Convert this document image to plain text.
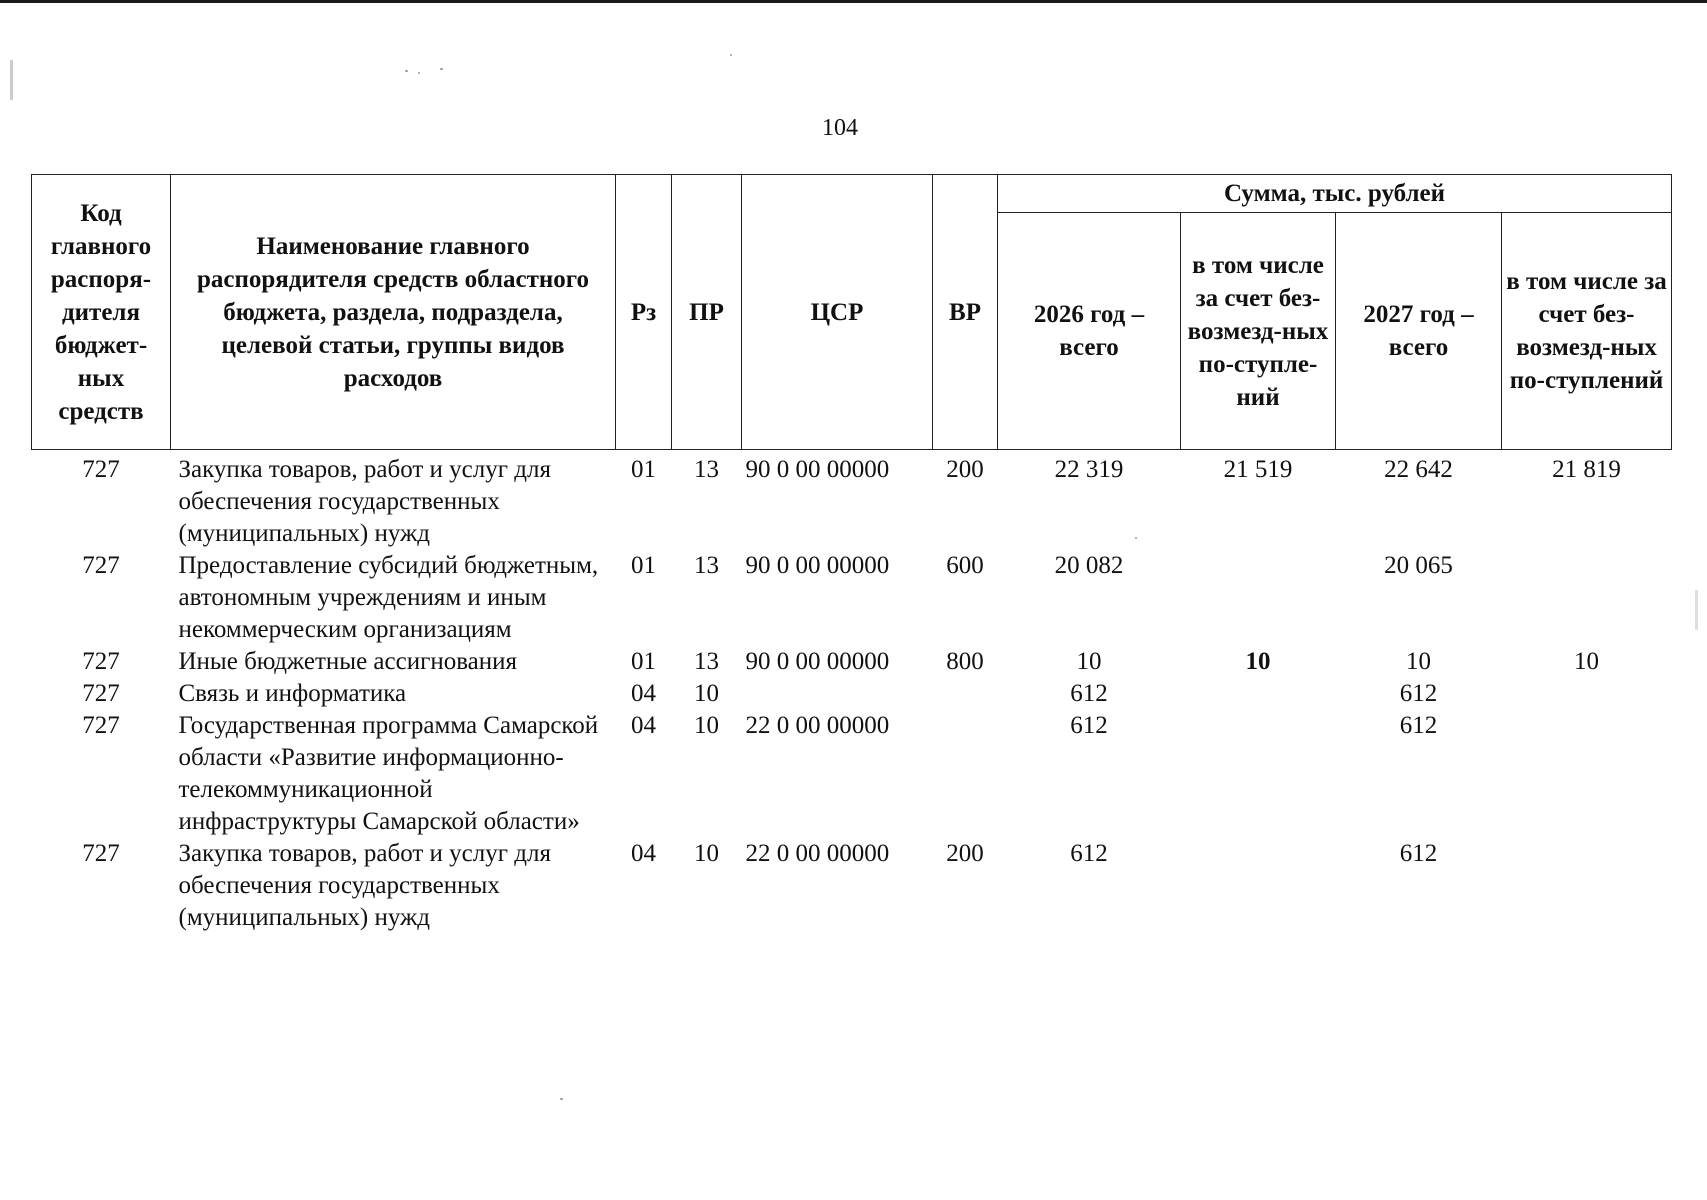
104
Код главного распоря-дителя бюджет-ных средств	Наименование главного распорядителя средств областного бюджета, раздела, подраздела, целевой статьи, группы видов расходов	Рз	ПР	ЦСР	ВР	Сумма, тыс. рублей			
						2026 год – всего	в том числе за счет без-возмезд-ных по-ступле-ний	2027 год – всего	в том числе за счет без-возмезд-ных по-ступлений
727	Закупка товаров, работ и услуг для обеспечения государственных (муниципальных) нужд	01	13	90 0 00 00000	200	22 319	21 519	22 642	21 819
727	Предоставление субсидий бюджетным, автономным учреждениям и иным некоммерческим организациям	01	13	90 0 00 00000	600	20 082		20 065	
727	Иные бюджетные ассигнования	01	13	90 0 00 00000	800	10	10	10	10
727	Связь и информатика	04	10			612		612	
727	Государственная программа Самарской области «Развитие информационно-телекоммуникационной инфраструктуры Самарской области»	04	10	22 0 00 00000		612		612	
727	Закупка товаров, работ и услуг для обеспечения государственных (муниципальных) нужд	04	10	22 0 00 00000	200	612		612	
